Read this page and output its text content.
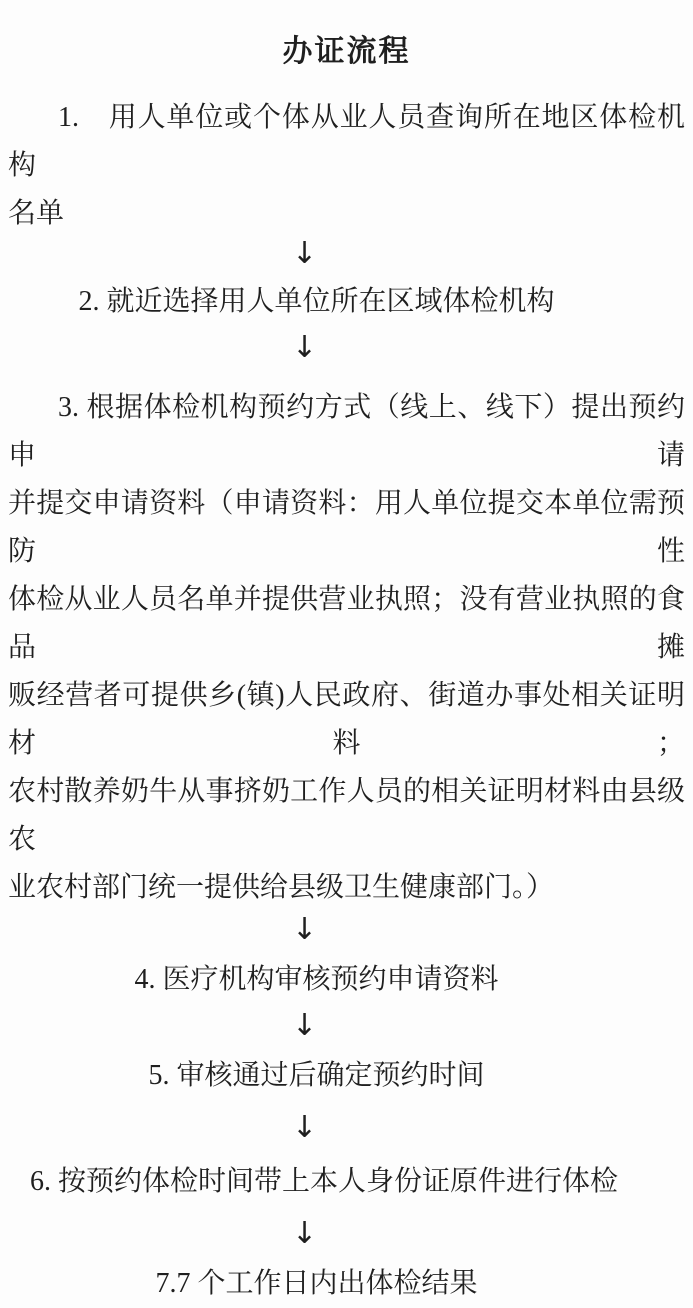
办证流程
1.　用人单位或个体从业人员查询所在地区体检机构
名单
↓
2. 就近选择用人单位所在区域体检机构
↓
3. 根据体检机构预约方式（线上、线下）提出预约申请
并提交申请资料（申请资料：用人单位提交本单位需预防性
体检从业人员名单并提供营业执照；没有营业执照的食品摊
贩经营者可提供乡(镇)人民政府、街道办事处相关证明材料；
农村散养奶牛从事挤奶工作人员的相关证明材料由县级农
业农村部门统一提供给县级卫生健康部门。）
↓
4. 医疗机构审核预约申请资料
↓
5. 审核通过后确定预约时间
↓
6. 按预约体检时间带上本人身份证原件进行体检
↓
7.7 个工作日内出体检结果
